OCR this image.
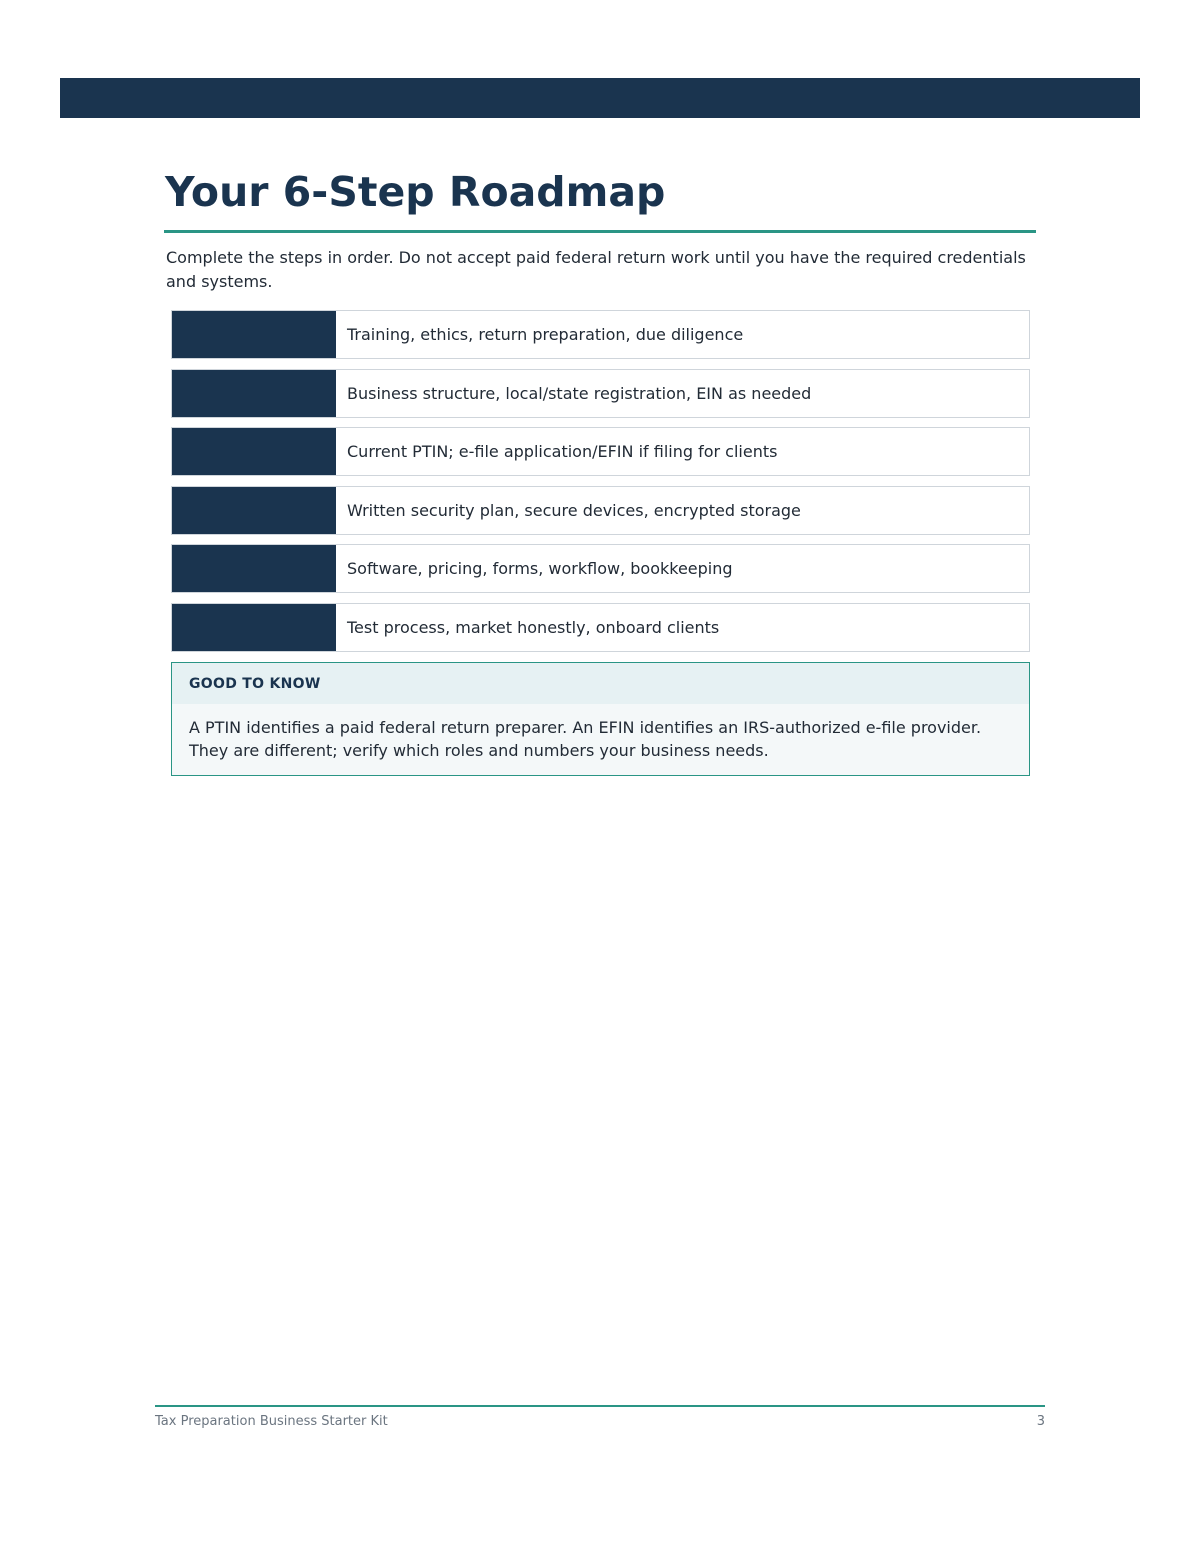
Your 6-Step Roadmap

Complete the steps in order. Do not accept paid federal return work until you have the required credentials and systems.

Training, ethics, return preparation, due diligence
Business structure, local/state registration, EIN as needed
Current PTIN; e-file application/EFIN if filing for clients
Written security plan, secure devices, encrypted storage
Software, pricing, forms, workflow, bookkeeping
Test process, market honestly, onboard clients
GOOD TO KNOW
A PTIN identifies a paid federal return preparer. An EFIN identifies an IRS-authorized e-file provider. They are different; verify which roles and numbers your business needs.
Tax Preparation Business Starter Kit	3
